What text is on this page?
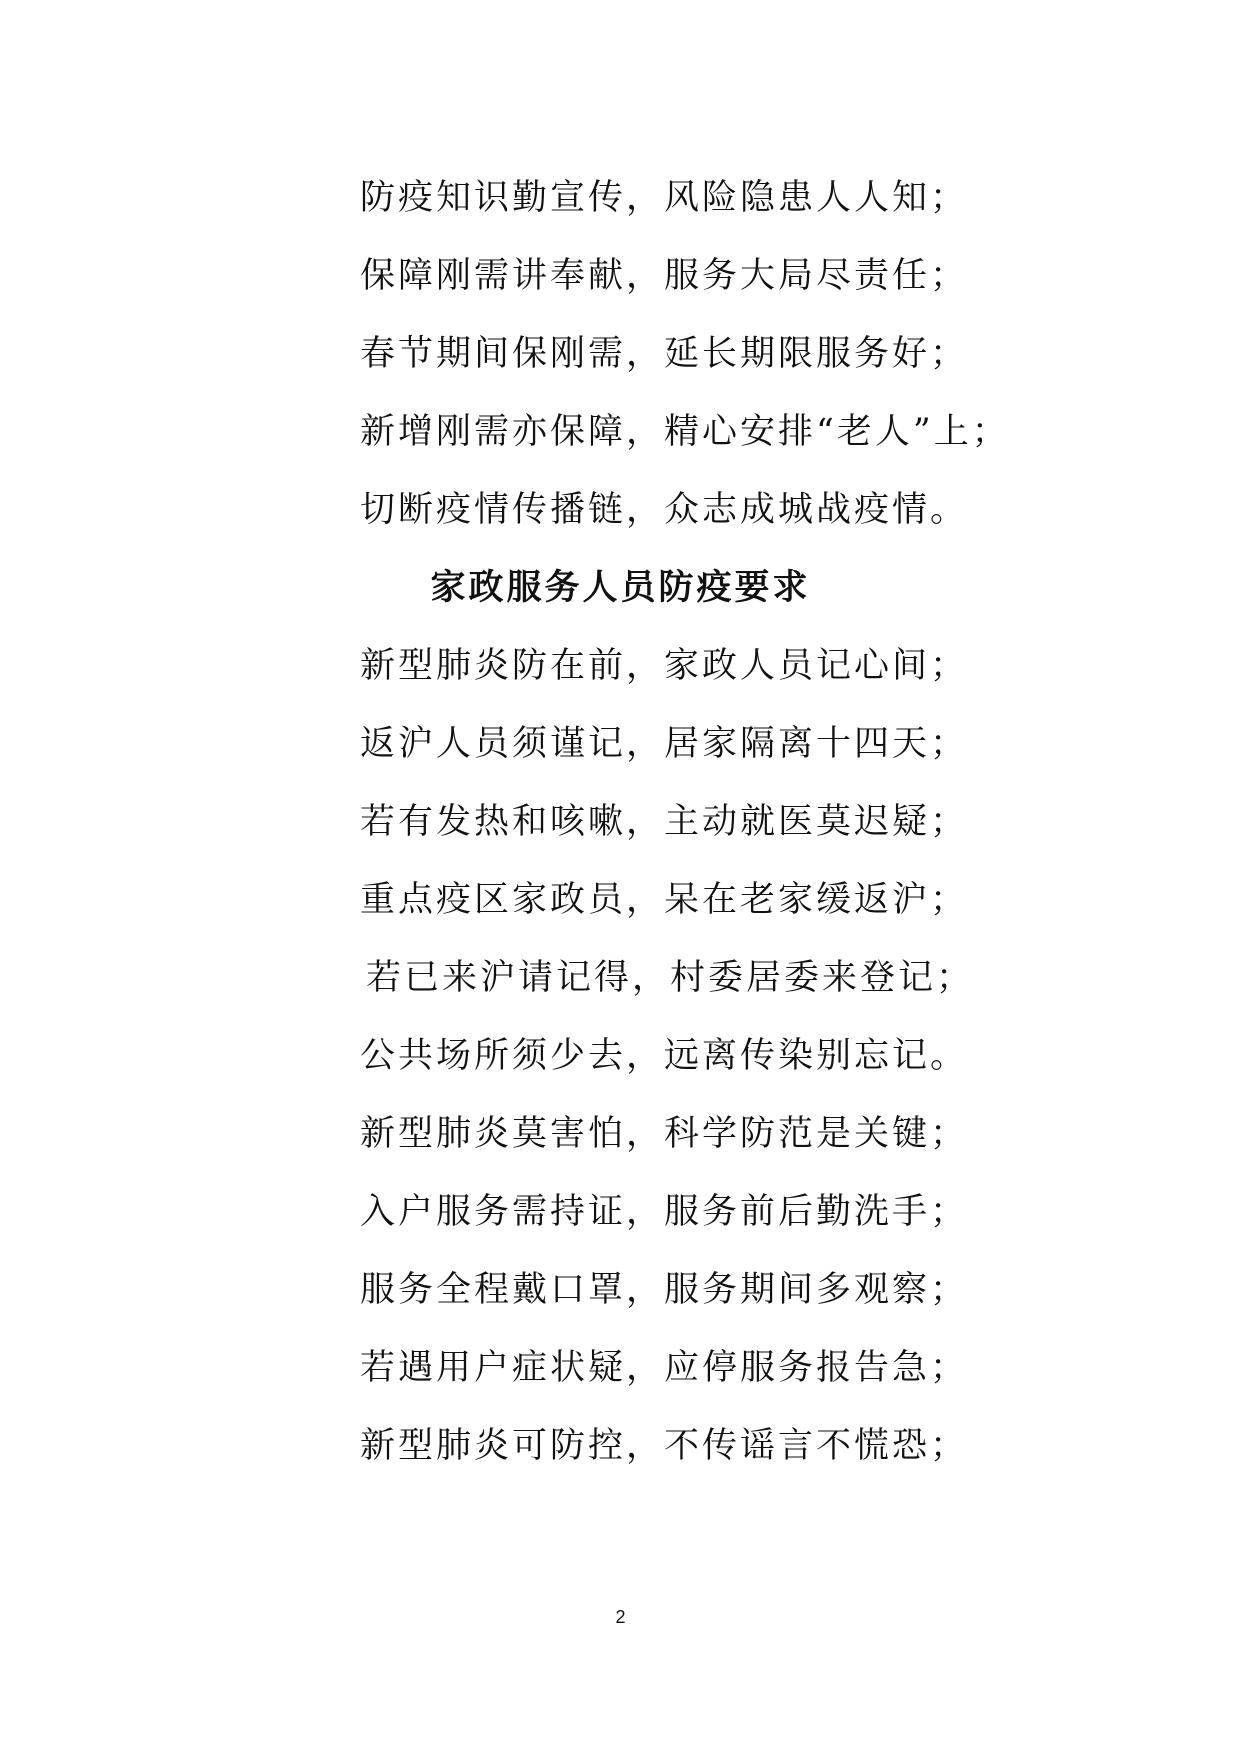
防疫知识勤宣传，风险隐患人人知；
保障刚需讲奉献，服务大局尽责任；
春节期间保刚需，延长期限服务好；
新增刚需亦保障，精心安排“老人”上；
切断疫情传播链，众志成城战疫情。
家政服务人员防疫要求
新型肺炎防在前，家政人员记心间；
返沪人员须谨记，居家隔离十四天；
若有发热和咳嗽，主动就医莫迟疑；
重点疫区家政员，呆在老家缓返沪；
若已来沪请记得，村委居委来登记；
公共场所须少去，远离传染别忘记。
新型肺炎莫害怕，科学防范是关键；
入户服务需持证，服务前后勤洗手；
服务全程戴口罩，服务期间多观察；
若遇用户症状疑，应停服务报告急；
新型肺炎可防控，不传谣言不慌恐；
2
